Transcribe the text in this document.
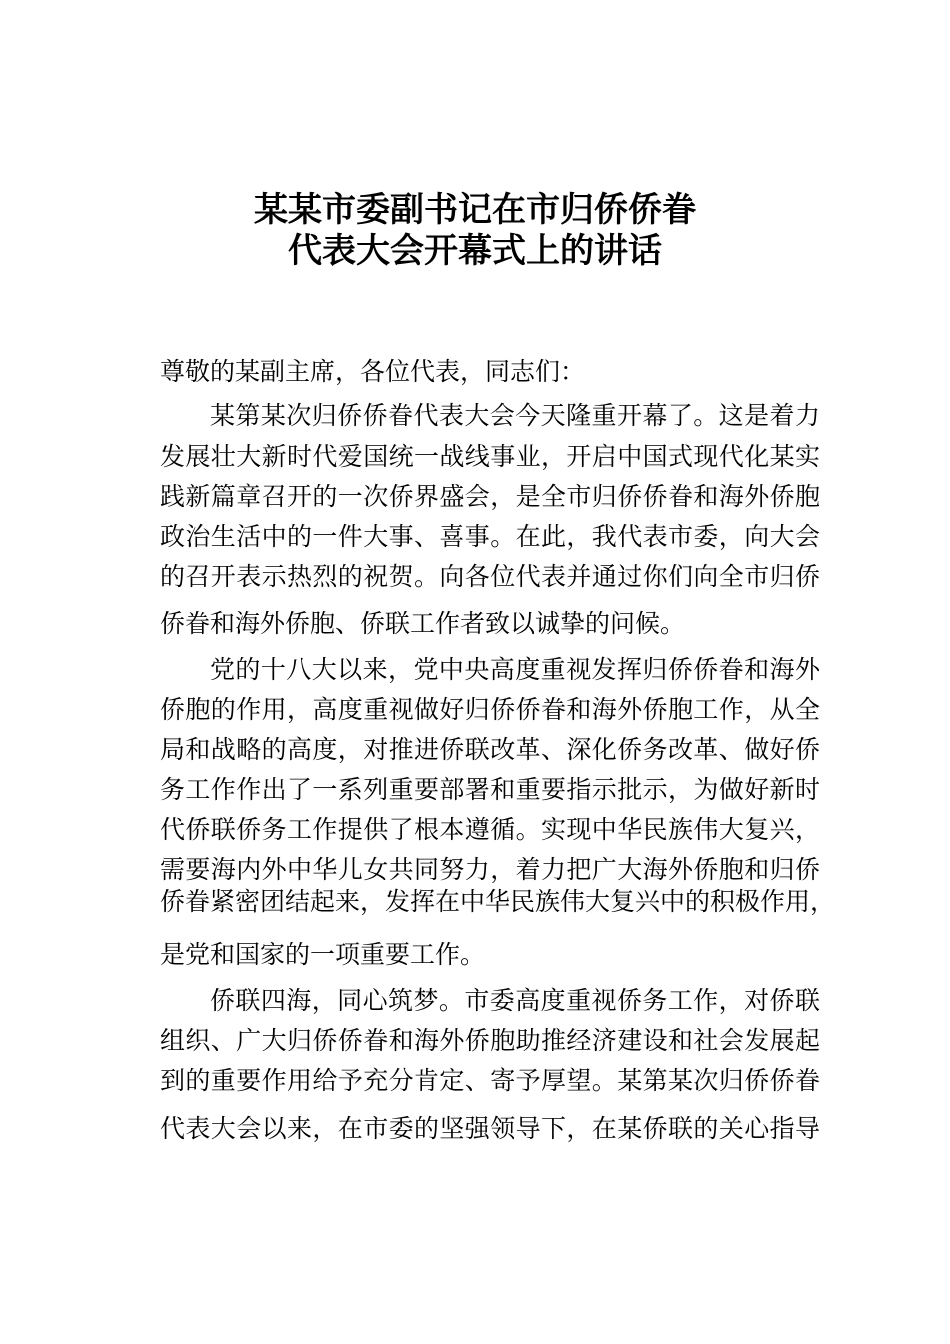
某某市委副书记在市归侨侨眷
代表大会开幕式上的讲话
尊敬的某副主席，各位代表，同志们：
某第某次归侨侨眷代表大会今天隆重开幕了。这是着力
发展壮大新时代爱国统一战线事业，开启中国式现代化某实
践新篇章召开的一次侨界盛会，是全市归侨侨眷和海外侨胞
政治生活中的一件大事、喜事。在此，我代表市委，向大会
的召开表示热烈的祝贺。向各位代表并通过你们向全市归侨
侨眷和海外侨胞、侨联工作者致以诚挚的问候。
党的十八大以来，党中央高度重视发挥归侨侨眷和海外
侨胞的作用，高度重视做好归侨侨眷和海外侨胞工作，从全
局和战略的高度，对推进侨联改革、深化侨务改革、做好侨
务工作作出了一系列重要部署和重要指示批示，为做好新时
代侨联侨务工作提供了根本遵循。实现中华民族伟大复兴，
需要海内外中华儿女共同努力，着力把广大海外侨胞和归侨
侨眷紧密团结起来，发挥在中华民族伟大复兴中的积极作用，
是党和国家的一项重要工作。
侨联四海，同心筑梦。市委高度重视侨务工作，对侨联
组织、广大归侨侨眷和海外侨胞助推经济建设和社会发展起
到的重要作用给予充分肯定、寄予厚望。某第某次归侨侨眷
代表大会以来，在市委的坚强领导下，在某侨联的关心指导
